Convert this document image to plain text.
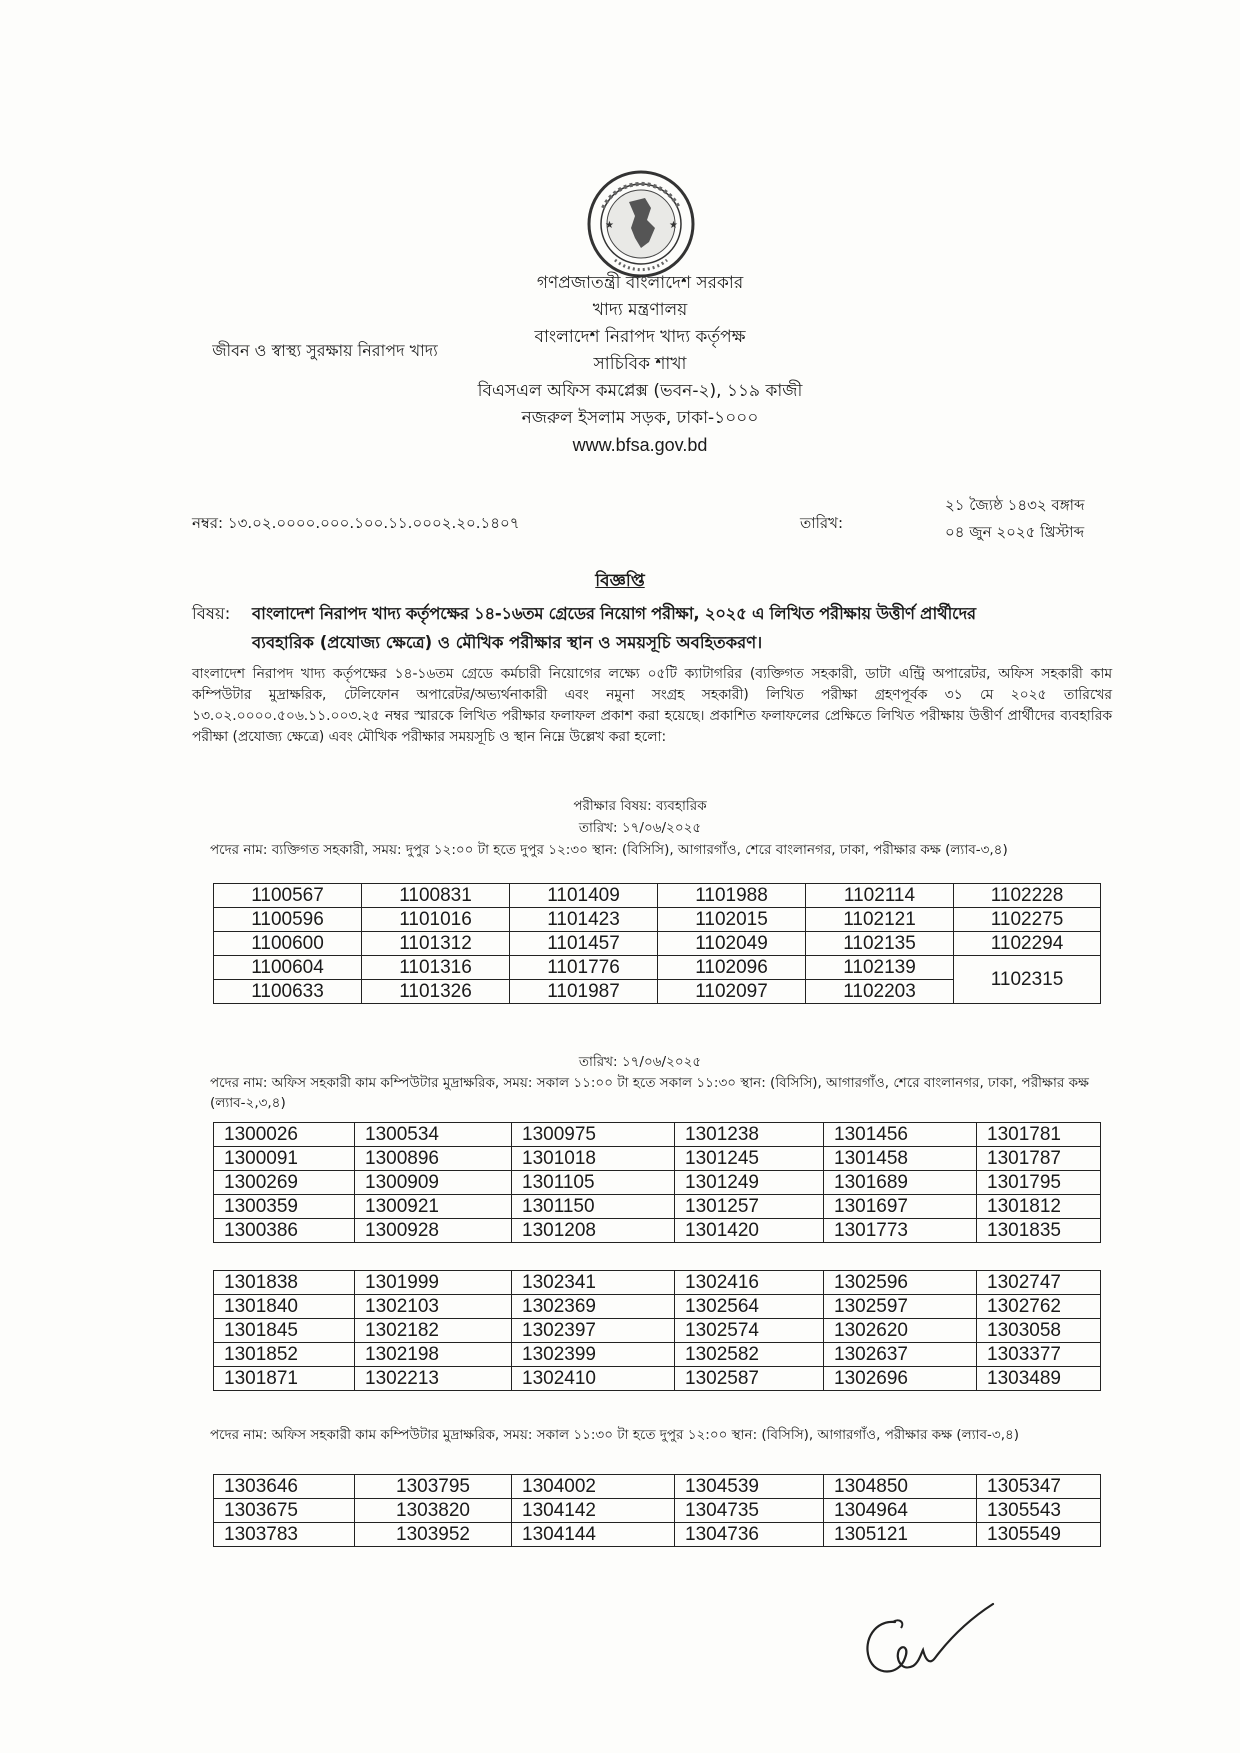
★	★
গণপ্রজাতন্ত্রী বাংলাদেশ সরকার
খাদ্য মন্ত্রণালয়
বাংলাদেশ নিরাপদ খাদ্য কর্তৃপক্ষ
সাচিবিক শাখা
বিএসএল অফিস কমপ্লেক্স (ভবন-২), ১১৯ কাজী
নজরুল ইসলাম সড়ক, ঢাকা-১০০০
www.bfsa.gov.bd
জীবন ও স্বাস্থ্য সুরক্ষায় নিরাপদ খাদ্য
নম্বর: ১৩.০২.০০০০.০০০.১০০.১১.০০০২.২০.১৪০৭	তারিখ:
২১ জ্যৈষ্ঠ ১৪৩২ বঙ্গাব্দ
০৪ জুন ২০২৫ খ্রিস্টাব্দ
বিজ্ঞপ্তি
বিষয়: বাংলাদেশ নিরাপদ খাদ্য কর্তৃপক্ষের ১৪-১৬তম গ্রেডের নিয়োগ পরীক্ষা, ২০২৫ এ লিখিত পরীক্ষায় উত্তীর্ণ প্রার্থীদের
ব্যবহারিক (প্রযোজ্য ক্ষেত্রে) ও মৌখিক পরীক্ষার স্থান ও সময়সূচি অবহিতকরণ।
বাংলাদেশ নিরাপদ খাদ্য কর্তৃপক্ষের ১৪-১৬তম গ্রেডে কর্মচারী নিয়োগের লক্ষ্যে ০৫টি ক্যাটাগরির (ব্যক্তিগত সহকারী, ডাটা এন্ট্রি অপারেটর, অফিস সহকারী কাম কম্পিউটার মুদ্রাক্ষরিক, টেলিফোন অপারেটর/অভ্যর্থনাকারী এবং নমুনা সংগ্রহ সহকারী) লিখিত পরীক্ষা গ্রহণপূর্বক ৩১ মে ২০২৫ তারিখের ১৩.০২.০০০০.৫০৬.১১.০০৩.২৫ নম্বর স্মারকে লিখিত পরীক্ষার ফলাফল প্রকাশ করা হয়েছে। প্রকাশিত ফলাফলের প্রেক্ষিতে লিখিত পরীক্ষায় উত্তীর্ণ প্রার্থীদের ব্যবহারিক পরীক্ষা (প্রযোজ্য ক্ষেত্রে) এবং মৌখিক পরীক্ষার সময়সূচি ও স্থান নিম্নে উল্লেখ করা হলো:
পরীক্ষার বিষয়: ব্যবহারিক
তারিখ: ১৭/০৬/২০২৫
পদের নাম: ব্যক্তিগত সহকারী, সময়: দুপুর ১২:০০ টা হতে দুপুর ১২:৩০ স্থান: (বিসিসি), আগারগাঁও, শেরে বাংলানগর, ঢাকা, পরীক্ষার কক্ষ (ল্যাব-৩,৪)
1100567	1100831	1101409	1101988	1102114	1102228
1100596	1101016	1101423	1102015	1102121	1102275
1100600	1101312	1101457	1102049	1102135	1102294
1100604	1101316	1101776	1102096	1102139	1102315
1100633	1101326	1101987	1102097	1102203	
তারিখ: ১৭/০৬/২০২৫
পদের নাম: অফিস সহকারী কাম কম্পিউটার মুদ্রাক্ষরিক, সময়: সকাল ১১:০০ টা হতে সকাল ১১:৩০ স্থান: (বিসিসি), আগারগাঁও, শেরে বাংলানগর, ঢাকা, পরীক্ষার কক্ষ (ল্যাব-২,৩,৪)
1300026	1300534	1300975	1301238	1301456	1301781
1300091	1300896	1301018	1301245	1301458	1301787
1300269	1300909	1301105	1301249	1301689	1301795
1300359	1300921	1301150	1301257	1301697	1301812
1300386	1300928	1301208	1301420	1301773	1301835
1301838	1301999	1302341	1302416	1302596	1302747
1301840	1302103	1302369	1302564	1302597	1302762
1301845	1302182	1302397	1302574	1302620	1303058
1301852	1302198	1302399	1302582	1302637	1303377
1301871	1302213	1302410	1302587	1302696	1303489
পদের নাম: অফিস সহকারী কাম কম্পিউটার মুদ্রাক্ষরিক, সময়: সকাল ১১:৩০ টা হতে দুপুর ১২:০০ স্থান: (বিসিসি), আগারগাঁও, পরীক্ষার কক্ষ (ল্যাব-৩,৪)
1303646	1303795	1304002	1304539	1304850	1305347
1303675	1303820	1304142	1304735	1304964	1305543
1303783	1303952	1304144	1304736	1305121	1305549
